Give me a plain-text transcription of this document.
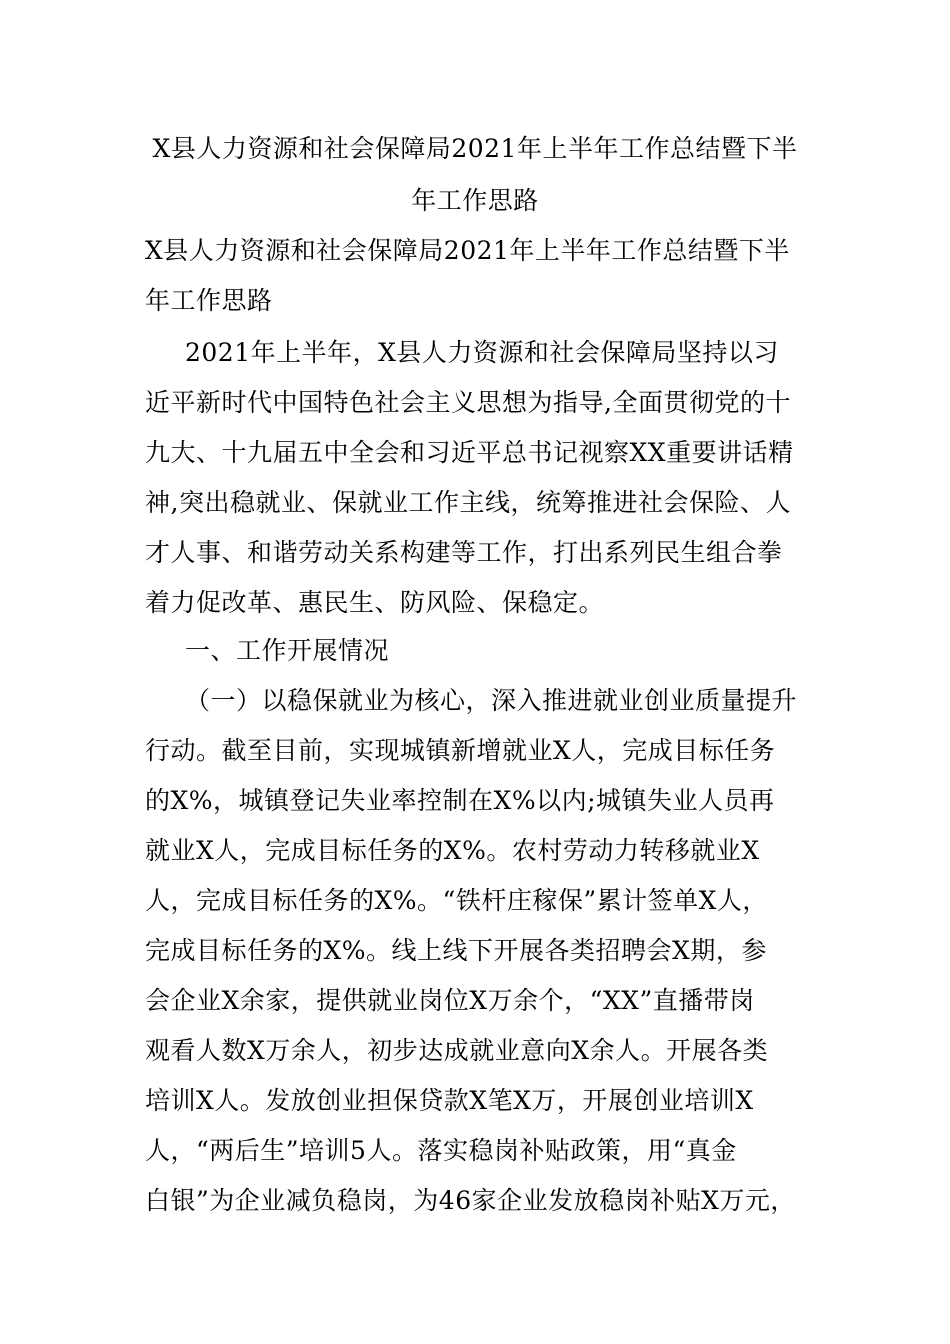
X县人力资源和社会保障局2021年上半年工作总结暨下半
年工作思路
X县人力资源和社会保障局2021年上半年工作总结暨下半
年工作思路
2021年上半年，X县人力资源和社会保障局坚持以习
近平新时代中国特色社会主义思想为指导,全面贯彻党的十
九大、十九届五中全会和习近平总书记视察XX重要讲话精
神,突出稳就业、保就业工作主线，统筹推进社会保险、人
才人事、和谐劳动关系构建等工作，打出系列民生组合拳
着力促改革、惠民生、防风险、保稳定。
一、工作开展情况
（一）以稳保就业为核心，深入推进就业创业质量提升
行动。截至目前，实现城镇新增就业X人，完成目标任务
的X%，城镇登记失业率控制在X%以内;城镇失业人员再
就业X人，完成目标任务的X%。农村劳动力转移就业X
人，完成目标任务的X%。“铁杆庄稼保”累计签单X人，
完成目标任务的X%。线上线下开展各类招聘会X期，参
会企业X余家，提供就业岗位X万余个，“XX”直播带岗
观看人数X万余人，初步达成就业意向X余人。开展各类
培训X人。发放创业担保贷款X笔X万，开展创业培训X
人，“两后生”培训5人。落实稳岗补贴政策，用“真金
白银”为企业减负稳岗，为46家企业发放稳岗补贴X万元，
